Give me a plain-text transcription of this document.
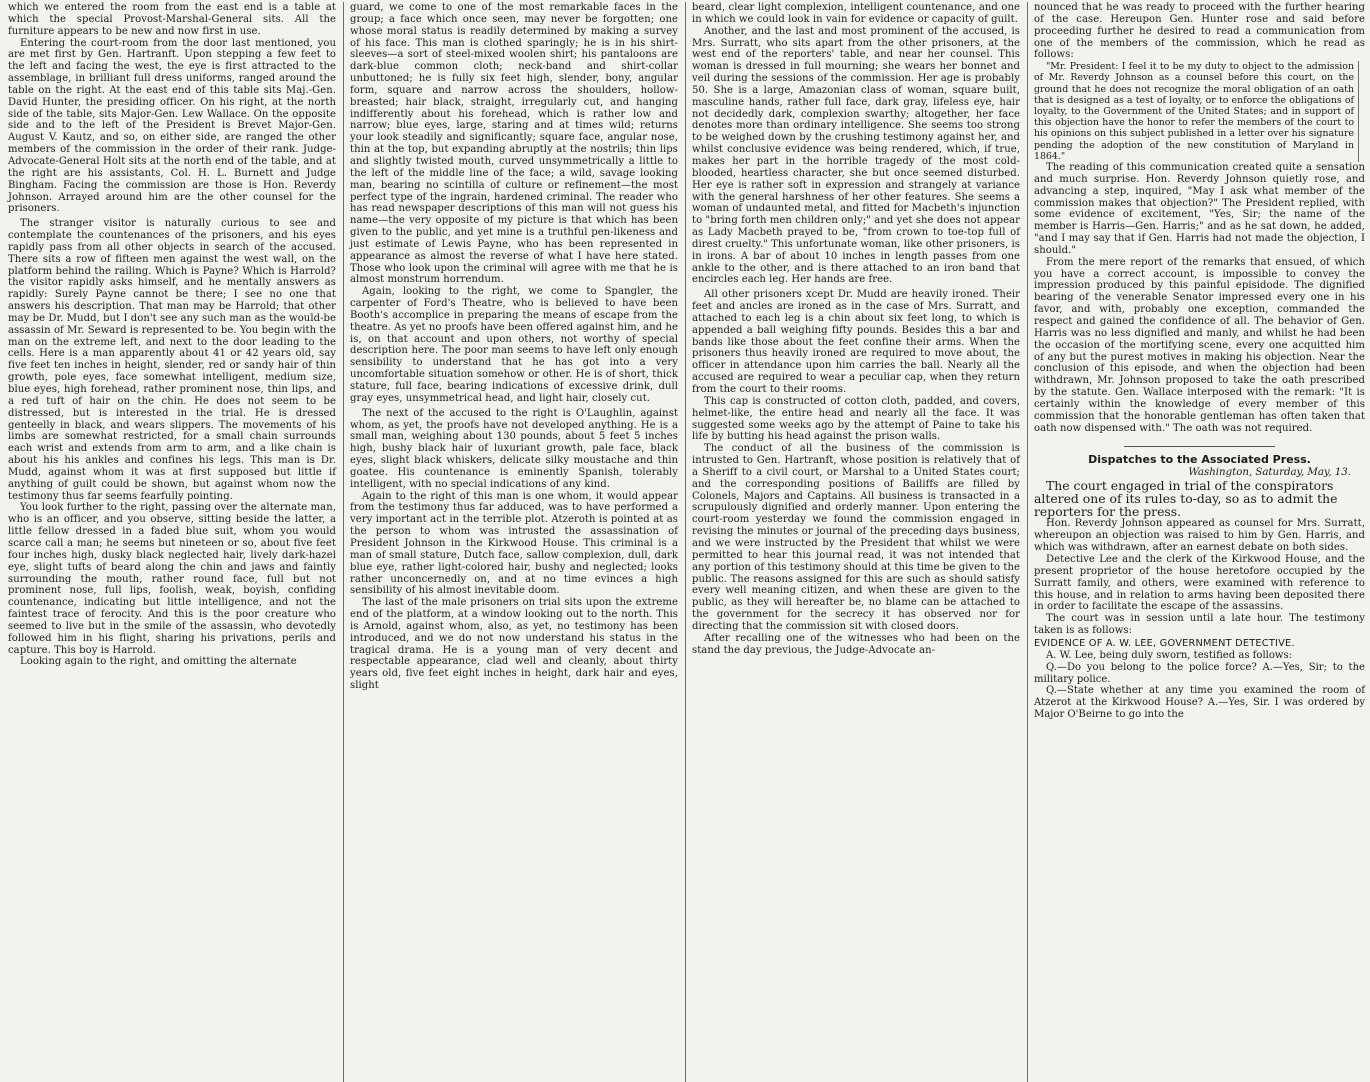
which we entered the room from the east end is a table at which the special Provost-Marshal-General sits. All the furniture appears to be new and now first in use.

Entering the court-room from the door last mentioned, you are met first by Gen. Hartranft. Upon stepping a few feet to the left and facing the west, the eye is first attracted to the assemblage, in brilliant full dress uniforms, ranged around the table on the right. At the east end of this table sits Maj.-Gen. David Hunter, the presiding officer. On his right, at the north side of the table, sits Major-Gen. Lew Wallace. On the opposite side and to the left of the President is Brevet Major-Gen. August V. Kautz, and so, on either side, are ranged the other members of the commission in the order of their rank. Judge-Advocate-General Holt sits at the north end of the table, and at the right are his assistants, Col. H. L. Burnett and Judge Bingham. Facing the commission are those is Hon. Reverdy Johnson. Arrayed around him are the other counsel for the prisoners.

The stranger visitor is naturally curious to see and contemplate the countenances of the prisoners, and his eyes rapidly pass from all other objects in search of the accused. There sits a row of fifteen men against the west wall, on the platform behind the railing. Which is Payne? Which is Harrold? the visitor rapidly asks himself, and he mentally answers as rapidly: Surely Payne cannot be there; I see no one that answers his description. That man may be Harrold; that other may be Dr. Mudd, but I don't see any such man as the would-be assassin of Mr. Seward is represented to be. You begin with the man on the extreme left, and next to the door leading to the cells. Here is a man apparently about 41 or 42 years old, say five feet ten inches in height, slender, red or sandy hair of thin growth, pole eyes, face somewhat intelligent, medium size, blue eyes, high forehead, rather prominent nose, thin lips, and a red tuft of hair on the chin. He does not seem to be distressed, but is interested in the trial. He is dressed genteelly in black, and wears slippers. The movements of his limbs are somewhat restricted, for a small chain surrounds each wrist and extends from arm to arm, and a like chain is about his his ankles and confines his legs. This man is Dr. Mudd, against whom it was at first supposed but little if anything of guilt could be shown, but against whom now the testimony thus far seems fearfully pointing.

You look further to the right, passing over the alternate man, who is an officer, and you observe, sitting beside the latter, a little fellow dressed in a faded blue suit, whom you would scarce call a man; he seems but nineteen or so, about five feet four inches high, dusky black neglected hair, lively dark-hazel eye, slight tufts of beard along the chin and jaws and faintly surrounding the mouth, rather round face, full but not prominent nose, full lips, foolish, weak, boyish, confiding countenance, indicating but little intelligence, and not the faintest trace of ferocity. And this is the poor creature who seemed to live but in the smile of the assassin, who devotedly followed him in his flight, sharing his privations, perils and capture. This boy is Harrold.

Looking again to the right, and omitting the alternate

guard, we come to one of the most remarkable faces in the group; a face which once seen, may never be forgotten; one whose moral status is readily determined by making a survey of his face. This man is clothed sparingly; he is in his shirt-sleeves—a sort of steel-mixed woolen shirt; his pantaloons are dark-blue common cloth; neck-band and shirt-collar unbuttoned; he is fully six feet high, slender, bony, angular form, square and narrow across the shoulders, hollow-breasted; hair black, straight, irregularly cut, and hanging indifferently about his forehead, which is rather low and narrow; blue eyes, large, staring and at times wild; returns your look steadily and significantly; square face, angular nose, thin at the top, but expanding abruptly at the nostrils; thin lips and slightly twisted mouth, curved unsymmetrically a little to the left of the middle line of the face; a wild, savage looking man, bearing no scintilla of culture or refinement—the most perfect type of the ingrain, hardened criminal. The reader who has read newspaper descriptions of this man will not guess his name—the very opposite of my picture is that which has been given to the public, and yet mine is a truthful pen-likeness and just estimate of Lewis Payne, who has been represented in appearance as almost the reverse of what I have here stated. Those who look upon the criminal will agree with me that he is almost monstrum horrendum.

Again, looking to the right, we come to Spangler, the carpenter of Ford's Theatre, who is believed to have been Booth's accomplice in preparing the means of escape from the theatre. As yet no proofs have been offered against him, and he is, on that account and upon others, not worthy of special description here. The poor man seems to have left only enough sensibility to understand that he has got into a very uncomfortable situation somehow or other. He is of short, thick stature, full face, bearing indications of excessive drink, dull gray eyes, unsymmetrical head, and light hair, closely cut.

The next of the accused to the right is O'Laughlin, against whom, as yet, the proofs have not developed anything. He is a small man, weighing about 130 pounds, about 5 feet 5 inches high, bushy black hair of luxuriant growth, pale face, black eyes, slight black whiskers, delicate silky moustache and thin goatee. His countenance is eminently Spanish, tolerably intelligent, with no special indications of any kind.

Again to the right of this man is one whom, it would appear from the testimony thus far adduced, was to have performed a very important act in the terrible plot. Atzeroth is pointed at as the person to whom was intrusted the assassination of President Johnson in the Kirkwood House. This criminal is a man of small stature, Dutch face, sallow complexion, dull, dark blue eye, rather light-colored hair, bushy and neglected; looks rather unconcernedly on, and at no time evinces a high sensibility of his almost inevitable doom.

The last of the male prisoners on trial sits upon the extreme end of the platform, at a window looking out to the north. This is Arnold, against whom, also, as yet, no testimony has been introduced, and we do not now understand his status in the tragical drama. He is a young man of very decent and respectable appearance, clad well and cleanly, about thirty years old, five feet eight inches in height, dark hair and eyes, slight

beard, clear light complexion, intelligent countenance, and one in which we could look in vain for evidence or capacity of guilt.

Another, and the last and most prominent of the accused, is Mrs. Surratt, who sits apart from the other prisoners, at the west end of the reporters' table, and near her counsel. This woman is dressed in full mourning; she wears her bonnet and veil during the sessions of the commission. Her age is probably 50. She is a large, Amazonian class of woman, square built, masculine hands, rather full face, dark gray, lifeless eye, hair not decidedly dark, complexion swarthy; altogether, her face denotes more than ordinary intelligence. She seems too strong to be weighed down by the crushing testimony against her, and whilst conclusive evidence was being rendered, which, if true, makes her part in the horrible tragedy of the most cold-blooded, heartless character, she but once seemed disturbed. Her eye is rather soft in expression and strangely at variance with the general harshness of her other features. She seems a woman of undaunted metal, and fitted for Macbeth's injunction to "bring forth men children only;" and yet she does not appear as Lady Macbeth prayed to be, "from crown to toe-top full of direst cruelty." This unfortunate woman, like other prisoners, is in irons. A bar of about 10 inches in length passes from one ankle to the other, and is there attached to an iron band that encircles each leg. Her hands are free.

All other prisoners xcept Dr. Mudd are heavily ironed. Their feet and ancles are ironed as in the case of Mrs. Surratt, and attached to each leg is a chin about six feet long, to which is appended a ball weighing fifty pounds. Besides this a bar and bands like those about the feet confine their arms. When the prisoners thus heavily ironed are required to move about, the officer in attendance upon him carries the ball. Nearly all the accused are required to wear a peculiar cap, when they return from the court to their rooms.

This cap is constructed of cotton cloth, padded, and covers, helmet-like, the entire head and nearly all the face. It was suggested some weeks ago by the attempt of Paine to take his life by butting his head against the prison walls.

The conduct of all the business of the commission is intrusted to Gen. Hartranft, whose position is relatively that of a Sheriff to a civil court, or Marshal to a United States court; and the corresponding positions of Bailiffs are filled by Colonels, Majors and Captains. All business is transacted in a scrupulously dignified and orderly manner. Upon entering the court-room yesterday we found the commission engaged in revising the minutes or journal of the preceding days business, and we were instructed by the President that whilst we were permitted to hear this journal read, it was not intended that any portion of this testimony should at this time be given to the public. The reasons assigned for this are such as should satisfy every well meaning citizen, and when these are given to the public, as they will hereafter be, no blame can be attached to the government for the secrecy it has observed nor for directing that the commission sit with closed doors.

After recalling one of the witnesses who had been on the stand the day previous, the Judge-Advocate an-

nounced that he was ready to proceed with the further hearing of the case. Hereupon Gen. Hunter rose and said before proceeding further he desired to read a communication from one of the members of the commission, which he read as follows:

"Mr. President: I feel it to be my duty to object to the admission of Mr. Reverdy Johnson as a counsel before this court, on the ground that he does not recognize the moral obligation of an oath that is designed as a test of loyalty, or to enforce the obligations of loyalty, to the Government of the United States; and in support of this objection have the honor to refer the members of the court to his opinions on this subject published in a letter over his signature pending the adoption of the new constitution of Maryland in 1864."

The reading of this communication created quite a sensation and much surprise. Hon. Reverdy Johnson quietly rose, and advancing a step, inquired, "May I ask what member of the commission makes that objection?" The President replied, with some evidence of excitement, "Yes, Sir; the name of the member is Harris—Gen. Harris;" and as he sat down, he added, "and I may say that if Gen. Harris had not made the objection, I should."

From the mere report of the remarks that ensued, of which you have a correct account, is impossible to convey the impression produced by this painful episidode. The dignified bearing of the venerable Senator impressed every one in his favor, and with, probably one exception, commanded the respect and gained the confidence of all. The behavior of Gen. Harris was no less dignified and manly, and whilst he had been the occasion of the mortifying scene, every one acquitted him of any but the purest motives in making his objection. Near the conclusion of this episode, and when the objection had been withdrawn, Mr. Johnson proposed to take the oath prescribed by the statute. Gen. Wallace interposed with the remark: "It is certainly within the knowledge of every member of this commission that the honorable gentleman has often taken that oath now dispensed with." The oath was not required.

Dispatches to the Associated Press.

Washington, Saturday, May, 13.

The court engaged in trial of the conspirators altered one of its rules to-day, so as to admit the reporters for the press.

Hon. Reverdy Johnson appeared as counsel for Mrs. Surratt, whereupon an objection was raised to him by Gen. Harris, and which was withdrawn, after an earnest debate on both sides.

Detective Lee and the clerk of the Kirkwood House, and the present proprietor of the house heretofore occupied by the Surratt family, and others, were examined with reference to this house, and in relation to arms having been deposited there in order to facilitate the escape of the assassins.

The court was in session until a late hour. The testimony taken is as follows:

EVIDENCE OF A. W. LEE, GOVERNMENT DETECTIVE.

A. W. Lee, being duly sworn, testified as follows:

Q.—Do you belong to the police force? A.—Yes, Sir; to the military police.

Q.—State whether at any time you examined the room of Atzerot at the Kirkwood House? A.—Yes, Sir. I was ordered by Major O'Beirne to go into the
